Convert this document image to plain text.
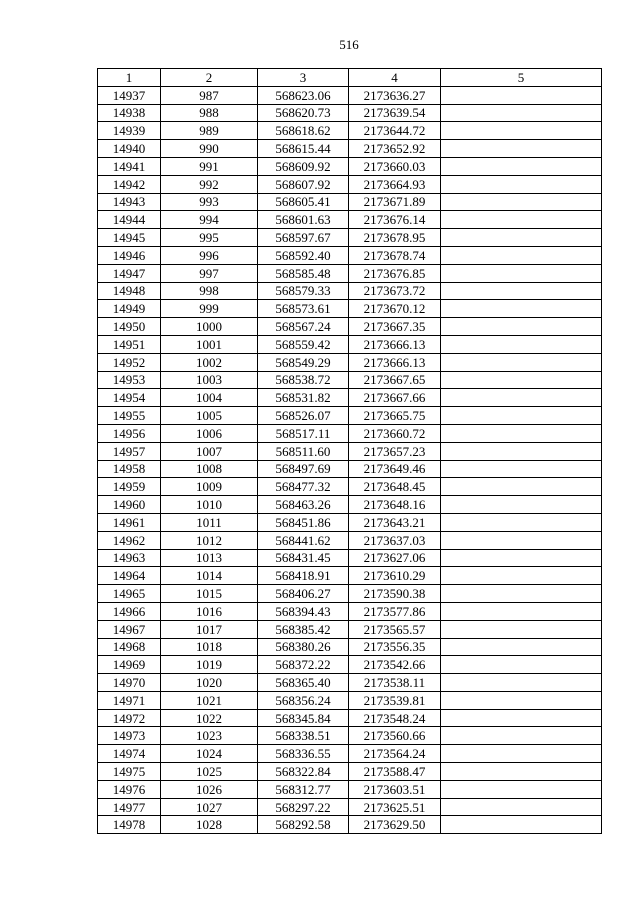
516
1	2	3	4	5
14937	987	568623.06	2173636.27	
14938	988	568620.73	2173639.54	
14939	989	568618.62	2173644.72	
14940	990	568615.44	2173652.92	
14941	991	568609.92	2173660.03	
14942	992	568607.92	2173664.93	
14943	993	568605.41	2173671.89	
14944	994	568601.63	2173676.14	
14945	995	568597.67	2173678.95	
14946	996	568592.40	2173678.74	
14947	997	568585.48	2173676.85	
14948	998	568579.33	2173673.72	
14949	999	568573.61	2173670.12	
14950	1000	568567.24	2173667.35	
14951	1001	568559.42	2173666.13	
14952	1002	568549.29	2173666.13	
14953	1003	568538.72	2173667.65	
14954	1004	568531.82	2173667.66	
14955	1005	568526.07	2173665.75	
14956	1006	568517.11	2173660.72	
14957	1007	568511.60	2173657.23	
14958	1008	568497.69	2173649.46	
14959	1009	568477.32	2173648.45	
14960	1010	568463.26	2173648.16	
14961	1011	568451.86	2173643.21	
14962	1012	568441.62	2173637.03	
14963	1013	568431.45	2173627.06	
14964	1014	568418.91	2173610.29	
14965	1015	568406.27	2173590.38	
14966	1016	568394.43	2173577.86	
14967	1017	568385.42	2173565.57	
14968	1018	568380.26	2173556.35	
14969	1019	568372.22	2173542.66	
14970	1020	568365.40	2173538.11	
14971	1021	568356.24	2173539.81	
14972	1022	568345.84	2173548.24	
14973	1023	568338.51	2173560.66	
14974	1024	568336.55	2173564.24	
14975	1025	568322.84	2173588.47	
14976	1026	568312.77	2173603.51	
14977	1027	568297.22	2173625.51	
14978	1028	568292.58	2173629.50	
